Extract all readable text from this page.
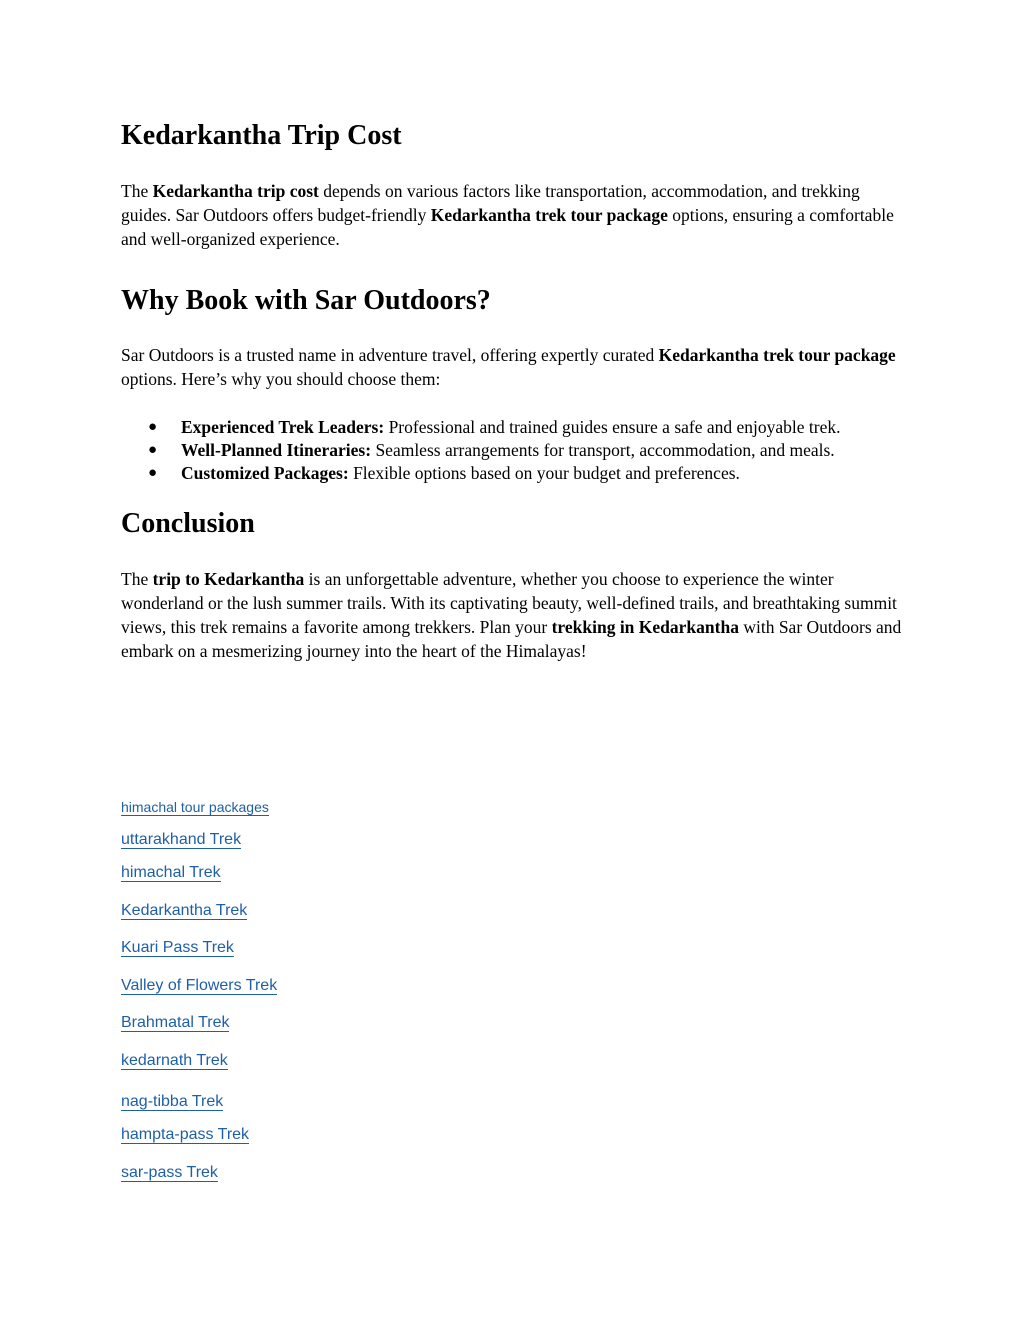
Kedarkantha Trip Cost

The Kedarkantha trip cost depends on various factors like transportation, accommodation, and trekking guides. Sar Outdoors offers budget-friendly Kedarkantha trek tour package options, ensuring a comfortable and well-organized experience.

Why Book with Sar Outdoors?

Sar Outdoors is a trusted name in adventure travel, offering expertly curated Kedarkantha trek tour package options. Here’s why you should choose them:

● Experienced Trek Leaders: Professional and trained guides ensure a safe and enjoyable trek.
● Well-Planned Itineraries: Seamless arrangements for transport, accommodation, and meals.
● Customized Packages: Flexible options based on your budget and preferences.
Conclusion

The trip to Kedarkantha is an unforgettable adventure, whether you choose to experience the winter wonderland or the lush summer trails. With its captivating beauty, well-defined trails, and breathtaking summit views, this trek remains a favorite among trekkers. Plan your trekking in Kedarkantha with Sar Outdoors and embark on a mesmerizing journey into the heart of the Himalayas!

himachal tour packages
uttarakhand Trek
himachal Trek
Kedarkantha Trek
Kuari Pass Trek
Valley of Flowers Trek
Brahmatal Trek
kedarnath Trek
nag-tibba Trek
hampta-pass Trek
sar-pass Trek
